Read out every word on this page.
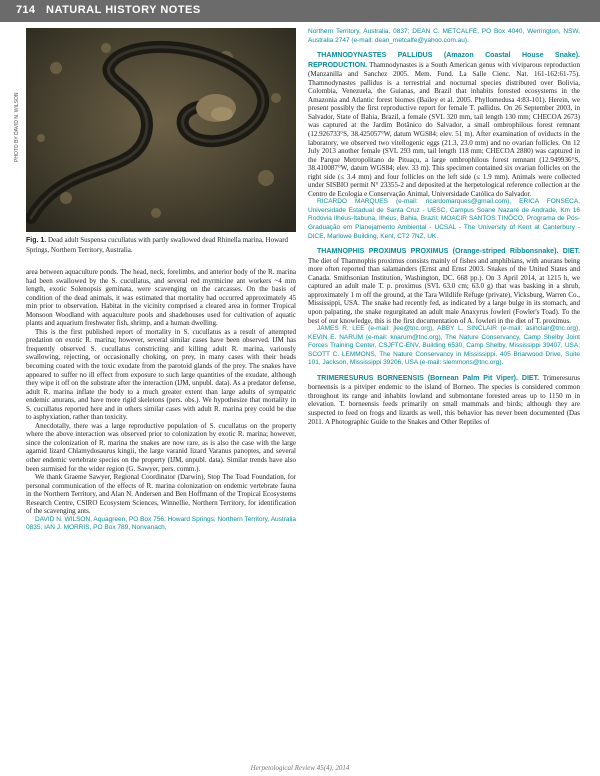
714 NATURAL HISTORY NOTES
PHOTO BY DAVID N. WILSON
Fig. 1. Dead adult Suspensa cucullatus with partly swallowed dead Rhinella marina, Howard Springs, Northern Territory, Australia.

area between aquaculture ponds. The head, neck, forelimbs, and anterior body of the R. marina had been swallowed by the S. cucullatus, and several red myrmicine ant workers ~4 mm length, exotic Solenopsis geminata, were scavenging on the carcasses. On the basis of condition of the dead animals, it was estimated that mortality had occurred approximately 45 min prior to observation. Habitat in the vicinity comprised a cleared area in former Tropical Monsoon Woodland with aquaculture pools and shadehouses used for cultivation of aquatic plants and aquarium freshwater fish, shrimp, and a human dwelling.

This is the first published report of mortality in S. cucullatus as a result of attempted predation on exotic R. marina; however, several similar cases have been observed. IJM has frequently observed S. cucullatus constricting and killing adult R. marina, variously swallowing, rejecting, or occasionally choking, on prey, in many cases with their heads becoming coated with the toxic exudate from the parotoid glands of the prey. The snakes have appeared to suffer no ill effect from exposure to such large quantities of the exudate, although they wipe it off on the substrate after the interaction (IJM, unpubl. data). As a predator defense, adult R. marina inflate the body to a much greater extent than large adults of sympatric endemic anurans, and have more rigid skeletons (pers. obs.). We hypothesize that mortality in S. cucullatus reported here and in others similar cases with adult R. marina prey could be due to asphyxiation, rather than toxicity.

Anecdotally, there was a large reproductive population of S. cucullatus on the property where the above interaction was observed prior to colonization by exotic R. marina; however, since the colonization of R. marina the snakes are now rare, as is also the case with the large agamid lizard Chlamydosaurus kingii, the large varanid lizard Varanus panoptes, and several other endemic vertebrate species on the property (IJM, unpubl. data). Similar trends have also been surmised for the wider region (G. Sawyer, pers. comm.).

We thank Graeme Sawyer, Regional Coordinator (Darwin), Stop The Toad Foundation, for personal communication of the effects of R. marina colonization on endemic vertebrate fauna in the Northern Territory, and Alan N. Andersen and Ben Hoffmann of the Tropical Ecosystems Research Centre, CSIRO Ecosystem Sciences, Winnellie, Northern Territory, for identification of the scavenging ants.

DAVID N. WILSON, Aquagreen, PO Box 756, Howard Springs, Northern Territory, Australia 0835; IAN J. MORRIS, PO Box 789, Nonvanach,

Northern Territory, Australia, 0837; DEAN C. METCALFE, PO Box 4040, Werrington, NSW, Australia 2747 (e-mail: dean_metcalfe@yahoo.com.au).

THAMNODYNASTES PALLIDUS (Amazon Coastal House Snake). REPRODUCTION. Thamnodynastes is a South American genus with viviparous reproduction (Manzanilla and Sanchez 2005. Mem. Fund. La Salle Cienc. Nat. 161-162:61-75). Thamnodynastes pallidus is a terrestrial and nocturnal species distributed over Bolivia, Colombia, Venezuela, the Guianas, and Brazil that inhabits forested ecosystems in the Amazonia and Atlantic forest biomes (Bailey et al. 2005. Phyllomedusa 4:83-101). Herein, we present possibly the first reproductive report for female T. pallidus. On 26 September 2003, in Salvador, State of Bahia, Brazil, a female (SVL 320 mm, tail length 130 mm; CHECOA 2673) was captured at the Jardim Botânico do Salvador, a small ombrophilous forest remnant (12.926733°S, 38.425057°W, datum WGS84; elev. 51 m). After examination of oviducts in the laboratory, we observed two vitellogenic eggs (21.3, 23.0 mm) and no ovarian follicles. On 12 July 2013 another female (SVL 293 mm, tail length 118 mm; CHECOA 2880) was captured in the Parque Metropolitano de Pituaçu, a large ombrophilous forest remnant (12.949936°S, 38.410087°W, datum WGS84; elev. 33 m). This specimen contained six ovarian follicles on the right side (≤ 3.4 mm) and four follicles on the left side (≤ 1.9 mm). Animals were collected under SISBIO permit N° 23355-2 and deposited at the herpetological reference collection at the Centro de Ecologia e Conservação Animal, Universidade Católica do Salvador.

RICARDO MARQUES (e-mail: ricardomarques@gmail.com), ERICA FONSECA, Universidade Estadual de Santa Cruz - UESC, Campus Soane Nazaré de Andrade, Km 16 Rodovia Ilhéus-Itabuna, Ilhéus, Bahia, Brazil; MOACIR SANTOS TINÔCO, Programa de Pós-Graduação em Planejamento Ambiental - UCSAL - The University of Kent at Canterbury - DICE, Marlowe Building, Kent, CT2 7NZ, UK.

THAMNOPHIS PROXIMUS PROXIMUS (Orange-striped Ribbonsnake). DIET. The diet of Thamnophis proximus consists mainly of fishes and amphibians, with anurans being more often reported than salamanders (Ernst and Ernst 2003. Snakes of the United States and Canada. Smithsonian Institution, Washington, DC. 668 pp.). On 3 April 2014, at 1215 h, we captured an adult male T. p. proximus (SVL 63.0 cm; 63.0 g) that was basking in a shrub, approximately 1 m off the ground, at the Tara Wildlife Refuge (private), Vicksburg, Warren Co., Mississippi, USA. The snake had recently fed, as indicated by a large bulge in its stomach, and upon palpating, the snake regurgitated an adult male Anaxyrus fowleri (Fowler's Toad). To the best of our knowledge, this is the first documentation of A. fowleri in the diet of T. proximus.

JAMES R. LEE (e-mail: jlee@tnc.org), ABBY L. SINCLAIR (e-mail: asinclair@tnc.org), KEVIN E. NARUM (e-mail: knarum@tnc.org), The Nature Conservancy, Camp Shelby Joint Forces Training Center, CSJFTC-ENV, Building 6530, Camp Shelby, Mississippi 39407, USA; SCOTT C. LEMMONS, The Nature Conservancy in Mississippi, 405 Briarwood Drive, Suite 101, Jackson, Mississippi 39206, USA (e-mail: slemmons@tnc.org).

TRIMERESURUS BORNEENSIS (Bornean Palm Pit Viper). DIET. Trimeresurus borneensis is a pitviper endemic to the island of Borneo. The species is considered common throughout its range and inhabits lowland and submontane forested areas up to 1150 m in elevation. T. borneensis feeds primarily on small mammals and birds; although they are suspected to feed on frogs and lizards as well, this behavior has never been documented (Das 2011. A Photographic Guide to the Snakes and Other Reptiles of

Herpetological Review 45(4), 2014
